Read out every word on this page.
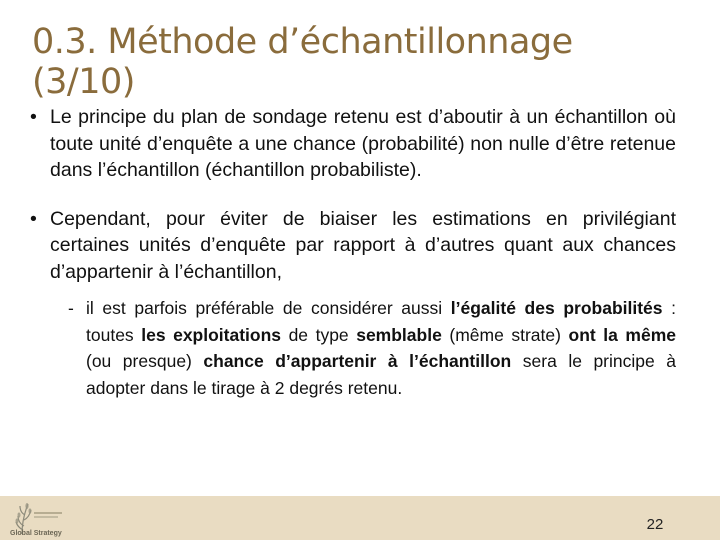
0.3. Méthode d’échantillonnage
(3/10)
• Le principe du plan de sondage retenu est d’aboutir à un échantillon où toute unité d’enquête a une chance (probabilité) non nulle d’être retenue dans l’échantillon (échantillon probabiliste).
• Cependant, pour éviter de biaiser les estimations en privilégiant certaines unités d’enquête par rapport à d’autres quant aux chances d’appartenir à l’échantillon,
- il est parfois préférable de considérer aussi l’égalité des probabilités : toutes les exploitations de type semblable (même strate) ont la même (ou presque) chance d’appartenir à l’échantillon sera le principe à adopter dans le tirage à 2 degrés retenu.
Global Strategy
22
